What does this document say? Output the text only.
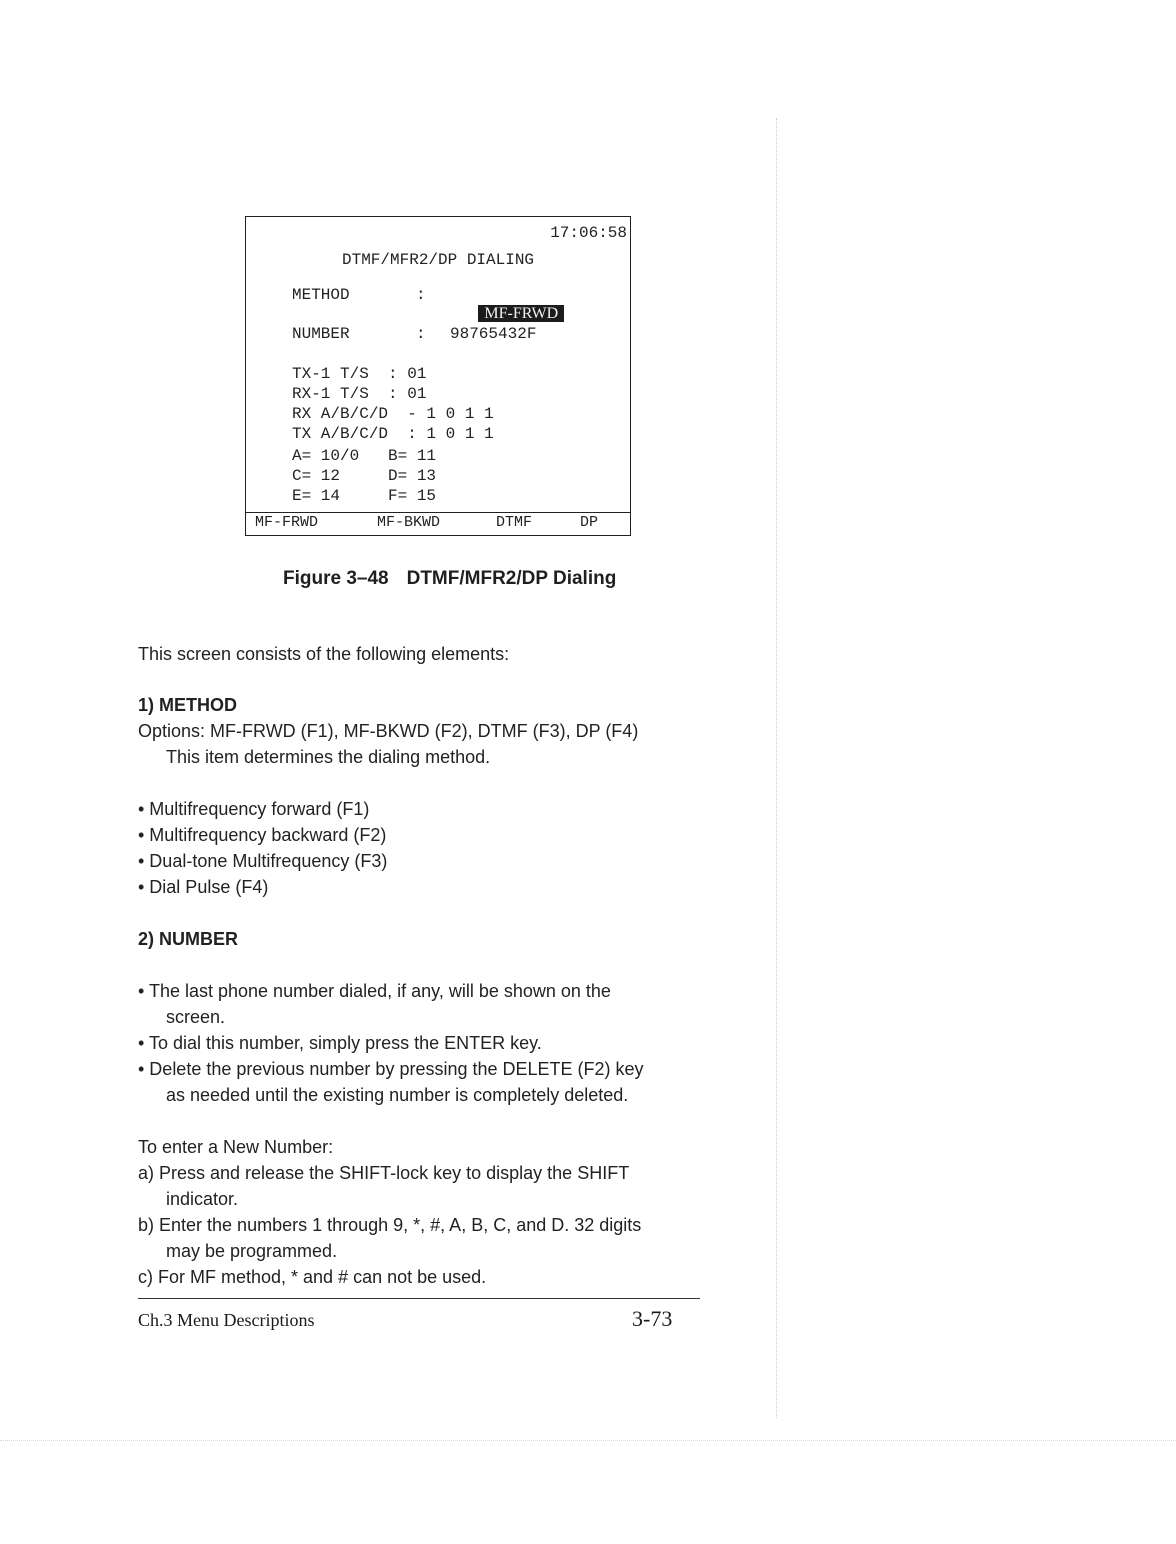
17:06:58
DTMF/MFR2/DP DIALING
METHOD	:

MF-FRWD

NUMBER	: 98765432F
TX-1 T/S  : 01
RX-1 T/S  : 01
RX A/B/C/D  - 1 0 1 1
TX A/B/C/D  : 1 0 1 1
A= 10/0   B= 11
C= 12     D= 13
E= 14     F= 15
MF-FRWD	MF-BKWD	DTMF	DP
Figure 3–48 DTMF/MFR2/DP Dialing
This screen consists of the following elements:
1) METHOD
Options: MF-FRWD (F1), MF-BKWD (F2), DTMF (F3), DP (F4)
This item determines the dialing method.
• Multifrequency forward (F1)
• Multifrequency backward (F2)
• Dual-tone Multifrequency (F3)
• Dial Pulse (F4)
2) NUMBER
• The last phone number dialed, if any, will be shown on the
screen.
• To dial this number, simply press the ENTER key.
• Delete the previous number by pressing the DELETE (F2) key
as needed until the existing number is completely deleted.
To enter a New Number:
a) Press and release the SHIFT-lock key to display the SHIFT
indicator.
b) Enter the numbers 1 through 9, *, #, A, B, C, and D. 32 digits
may be programmed.
c) For MF method, * and # can not be used.
Ch.3 Menu Descriptions	3-73
